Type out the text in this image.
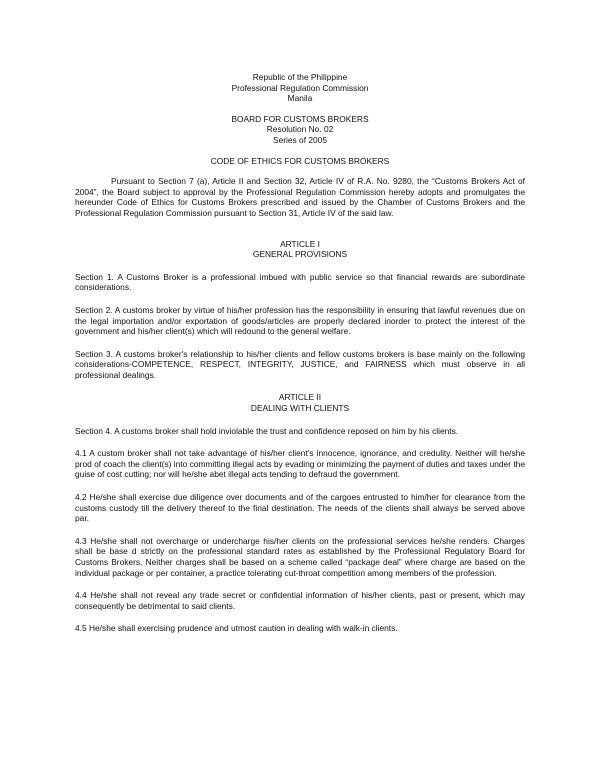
Republic of the Philippine

Professional Regulation Commission

Manila

BOARD FOR CUSTOMS BROKERS

Resolution No. 02

Series of 2005

CODE OF ETHICS FOR CUSTOMS BROKERS

Pursuant to Section 7 (a), Article II and Section 32, Article IV of R.A. No. 9280, the “Customs Brokers Act of 2004”, the Board subject to approval by the Professional Regulation Commission hereby adopts and promulgates the hereunder Code of Ethics for Customs Brokers prescribed and issued by the Chamber of Customs Brokers and the Professional Regulation Commission pursuant to Section 31, Article IV of the said law.

ARTICLE I

GENERAL PROVISIONS

Section 1. A Customs Broker is a professional imbued with public service so that financial rewards are subordinate considerations.

Section 2. A customs broker by virtue of his/her profession has the responsibility in ensuring that lawful revenues due on the legal importation and/or exportation of goods/articles are properly declared inorder to protect the interest of the government and his/her client(s) which will redound to the general welfare.

Section 3. A customs broker's relationship to his/her clients and fellow customs brokers is base mainly on the following considerations-COMPETENCE, RESPECT, INTEGRITY, JUSTICE, and FAIRNESS which must observe in all professional dealings.

ARTICLE II

DEALING WITH CLIENTS

Section 4. A customs broker shall hold inviolable the trust and confidence reposed on him by his clients.

4.1 A custom broker shall not take advantage of his/her client's innocence, ignorance, and credulity. Neither will he/she prod of coach the client(s) into committing illegal acts by evading or minimizing the payment of duties and taxes under the guise of cost cutting; nor will he/she abet illegal acts tending to defraud the government.

4.2 He/she shall exercise due diligence over documents and of the cargoes entrusted to him/her for clearance from the customs custody till the delivery thereof to the final destination. The needs of the clients shall always be served above par.

4.3 He/she shall not overcharge or undercharge his/her clients on the professional services he/she renders. Charges shall be base d strictly on the professional standard rates as established by the Professional Regulatory Board for Customs Brokers. Neither charges shall be based on a scheme called “package deal” where charge are based on the individual package or per container, a practice tolerating cut-throat competition among members of the profession.

4.4 He/she shall not reveal any trade secret or confidential information of his/her clients, past or present, which may consequently be detrimental to said clients.

4.5 He/she shall exercising prudence and utmost caution in dealing with walk-in clients.
